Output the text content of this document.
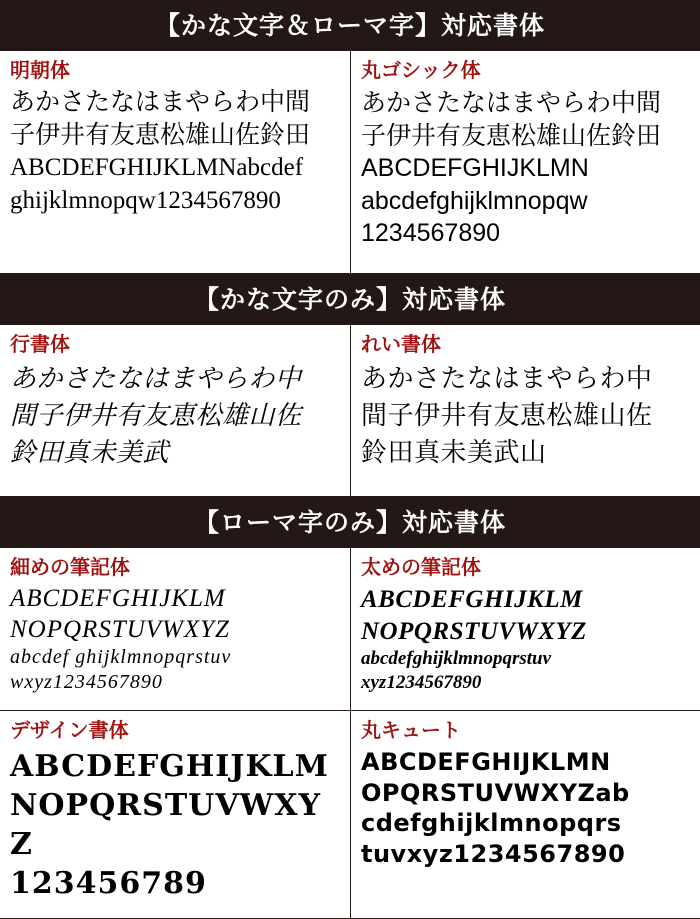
【かな文字＆ローマ字】対応書体
明朝体
あかさたなはまやらわ中間
子伊井有友恵松雄山佐鈴田
ABCDEFGHIJKLMNabcdef
ghijklmnopqw1234567890
丸ゴシック体
あかさたなはまやらわ中間
子伊井有友恵松雄山佐鈴田
ABCDEFGHIJKLMN
abcdefghijklmnopqw
1234567890
【かな文字のみ】対応書体
行書体
あかさたなはまやらわ中
間子伊井有友恵松雄山佐
鈴田真未美武
れい書体
あかさたなはまやらわ中
間子伊井有友恵松雄山佐
鈴田真未美武山
【ローマ字のみ】対応書体
細めの筆記体
ABCDEFGHIJKLM
NOPQRSTUVWXYZ
abcdef ghijklmnopqrstuv
wxyz1234567890
太めの筆記体
ABCDEFGHIJKLM
NOPQRSTUVWXYZ
abcdefghijklmnopqrstuv
xyz1234567890
デザイン書体
ABCDEFGHIJKLM
NOPQRSTUVWXYZ
123456789
丸キュート
ABCDEFGHIJKLMN
OPQRSTUVWXYZab
cdefghijklmnopqrs
tuvxyz1234567890
